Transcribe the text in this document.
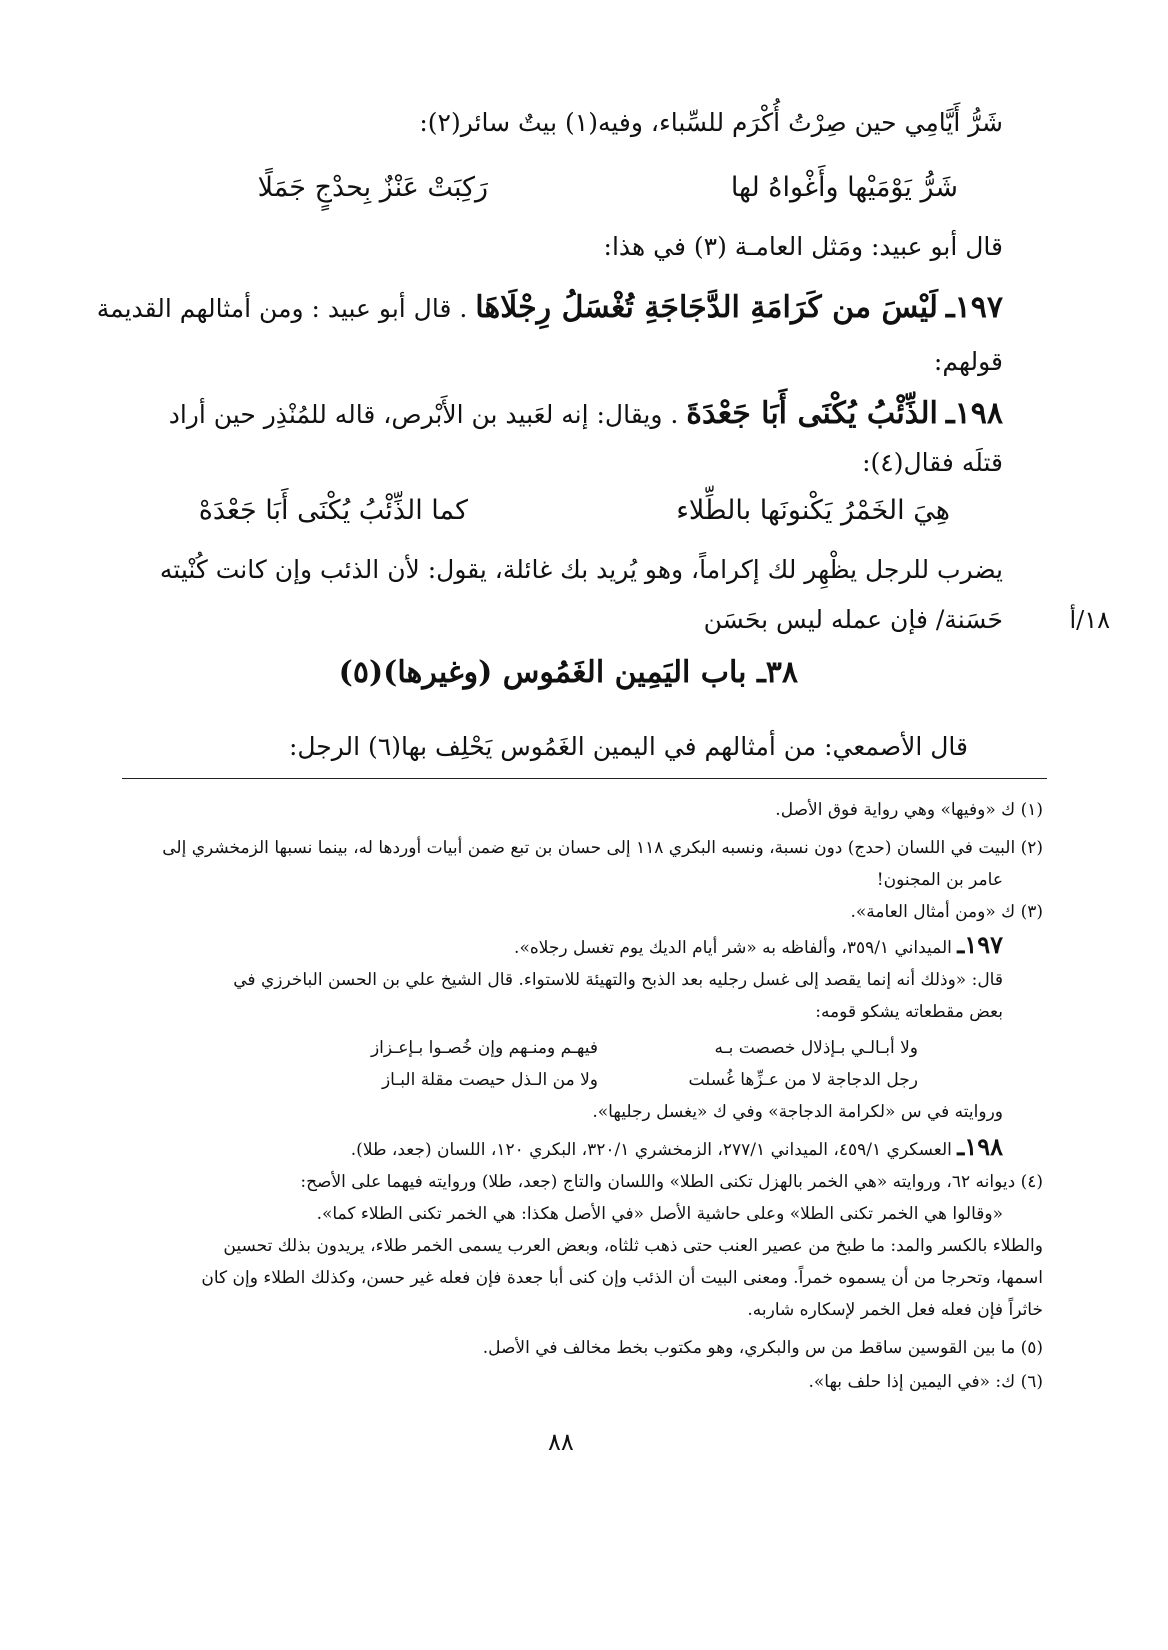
شَرُّ أَيَّامِي حين صِرْتُ أُكْرَم للسِّباء، وفيه(١) بيتٌ سائر(٢):
شَرُّ يَوْمَيْها وأَغْواهُ لها
رَكِبَتْ عَنْزٌ بِحدْجٍ جَمَلًا
قال أبو عبيد: ومَثل العامـة (٣) في هذا:
١٩٧ـ لَيْسَ من كَرَامَةِ الدَّجَاجَةِ تُغْسَلُ رِجْلَاهَا . قال أبو عبيد : ومن أمثالهم القديمة
قولهم:
١٩٨ـ الذِّئْبُ يُكْنَى أَبَا جَعْدَةَ . ويقال: إنه لعَبيد بن الأَبْرص، قاله للمُنْذِر حين أراد
قتلَه فقال(٤):
هِيَ الخَمْرُ يَكْنونَها بالطِّلاء
كما الذِّئْبُ يُكْنَى أَبَا جَعْدَهْ
يضرب للرجل يظْهِر لك إكراماً، وهو يُريد بك غائلة، يقول: لأن الذئب وإن كانت كُنْيته
حَسَنة/ فإن عمله ليس بحَسَن	١٨/أ
٣٨ـ باب اليَمِين الغَمُوس (وغيرها)(٥)
قال الأصمعي: من أمثالهم في اليمين الغَمُوس يَحْلِف بها(٦) الرجل:
(١) ك «وفيها» وهي رواية فوق الأصل.
(٢) البيت في اللسان (حدج) دون نسبة، ونسبه البكري ١١٨ إلى حسان بن تبع ضمن أبيات أوردها له، بينما نسبها الزمخشري إلى
عامر بن المجنون!
(٣) ك «ومن أمثال العامة».
١٩٧ـ الميداني ٣٥٩/١، وألفاظه به «شر أيام الديك يوم تغسل رجلاه».
قال: «وذلك أنه إنما يقصد إلى غسل رجليه بعد الذبح والتهيئة للاستواء. قال الشيخ علي بن الحسن الباخرزي في
بعض مقطعاته يشكو قومه:
ولا أبـالـي بـإذلال خصصت بـه
فيهـم ومنـهم وإن خُصـوا بـإعـزاز
رجل الدجاجة لا من عـزِّها غُسلت
ولا من الـذل حيصت مقلة البـاز
وروايته في س «لكرامة الدجاجة» وفي ك «يغسل رجليها».
١٩٨ـ العسكري ٤٥٩/١، الميداني ٢٧٧/١، الزمخشري ٣٢٠/١، البكري ١٢٠، اللسان (جعد، طلا).
(٤) ديوانه ٦٢، وروايته «هي الخمر بالهزل تكنى الطلا» واللسان والتاج (جعد، طلا) وروايته فيهما على الأصح:
«وقالوا هي الخمر تكنى الطلا» وعلى حاشية الأصل «في الأصل هكذا: هي الخمر تكنى الطلاء كما».
والطلاء بالكسر والمد: ما طبخ من عصير العنب حتى ذهب ثلثاه، وبعض العرب يسمى الخمر طلاء، يريدون بذلك تحسين
اسمها، وتحرجا من أن يسموه خمراً. ومعنى البيت أن الذئب وإن كنى أبا جعدة فإن فعله غير حسن، وكذلك الطلاء وإن كان
خاثراً فإن فعله فعل الخمر لإسكاره شاربه.
(٥) ما بين القوسين ساقط من س والبكري، وهو مكتوب بخط مخالف في الأصل.
(٦) ك: «في اليمين إذا حلف بها».
٨٨
